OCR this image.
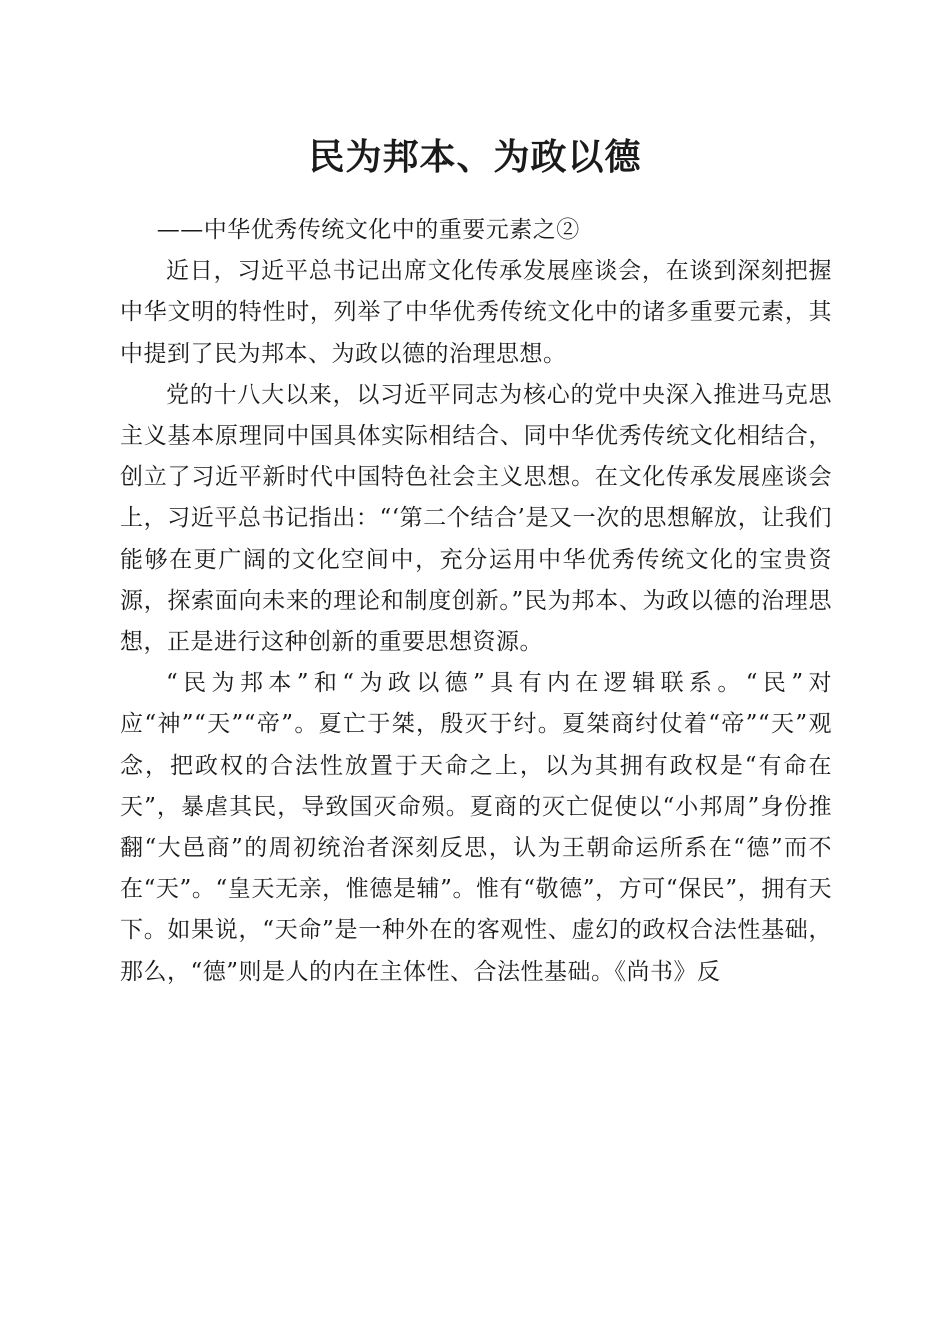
民为邦本、为政以德

——中华优秀传统文化中的重要元素之②

近日，习近平总书记出席文化传承发展座谈会，在谈到深刻把握中华文明的特性时，列举了中华优秀传统文化中的诸多重要元素，其中提到了民为邦本、为政以德的治理思想。

党的十八大以来，以习近平同志为核心的党中央深入推进马克思主义基本原理同中国具体实际相结合、同中华优秀传统文化相结合，创立了习近平新时代中国特色社会主义思想。在文化传承发展座谈会上，习近平总书记指出：“‘第二个结合’是又一次的思想解放，让我们能够在更广阔的文化空间中，充分运用中华优秀传统文化的宝贵资源，探索面向未来的理论和制度创新。”民为邦本、为政以德的治理思想，正是进行这种创新的重要思想资源。

“民为邦本”和“为政以德”具有内在逻辑联系。“民”对应“神”“天”“帝”。夏亡于桀，殷灭于纣。夏桀商纣仗着“帝”“天”观念，把政权的合法性放置于天命之上，以为其拥有政权是“有命在天”，暴虐其民，导致国灭命殒。夏商的灭亡促使以“小邦周”身份推翻“大邑商”的周初统治者深刻反思，认为王朝命运所系在“德”而不在“天”。“皇天无亲，惟德是辅”。惟有“敬德”，方可“保民”，拥有天下。如果说，“天命”是一种外在的客观性、虚幻的政权合法性基础，那么，“德”则是人的内在主体性、合法性基础。《尚书》反
